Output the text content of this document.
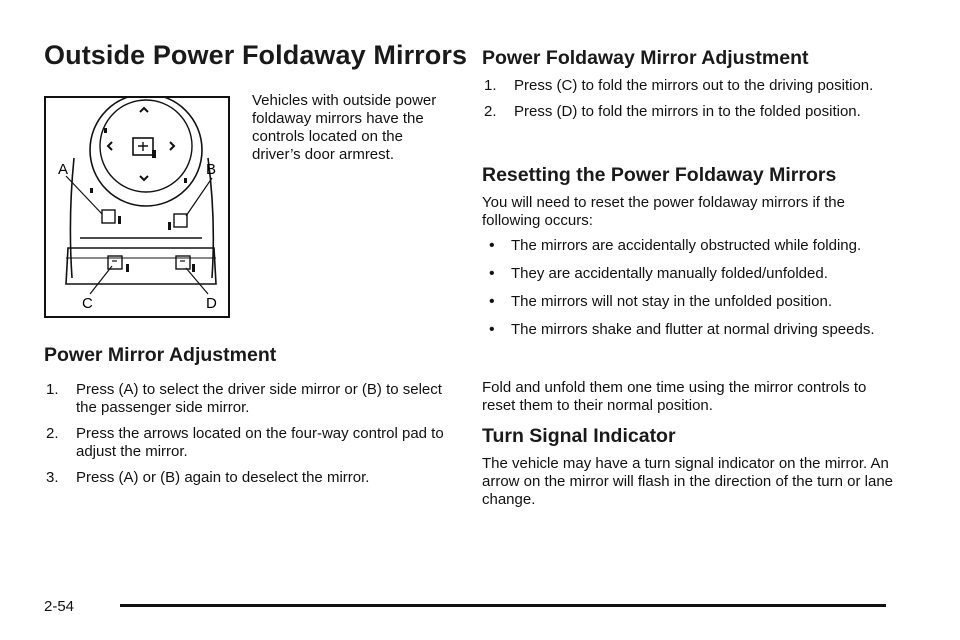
Outside Power Foldaway Mirrors
A	B
C	D

Vehicles with outside power foldaway mirrors have the controls located on the driver’s door armrest.

Power Mirror Adjustment
1. Press (A) to select the driver side mirror or (B) to select the passenger side mirror.
2. Press the arrows located on the four-way control pad to adjust the mirror.
3. Press (A) or (B) again to deselect the mirror.
Power Foldaway Mirror Adjustment
1. Press (C) to fold the mirrors out to the driving position.
2. Press (D) to fold the mirrors in to the folded position.
Resetting the Power Foldaway Mirrors

You will need to reset the power foldaway mirrors if the following occurs:

• The mirrors are accidentally obstructed while folding.
• They are accidentally manually folded/unfolded.
• The mirrors will not stay in the unfolded position.
• The mirrors shake and flutter at normal driving speeds.

Fold and unfold them one time using the mirror controls to reset them to their normal position.

Turn Signal Indicator

The vehicle may have a turn signal indicator on the mirror. An arrow on the mirror will flash in the direction of the turn or lane change.

2-54
